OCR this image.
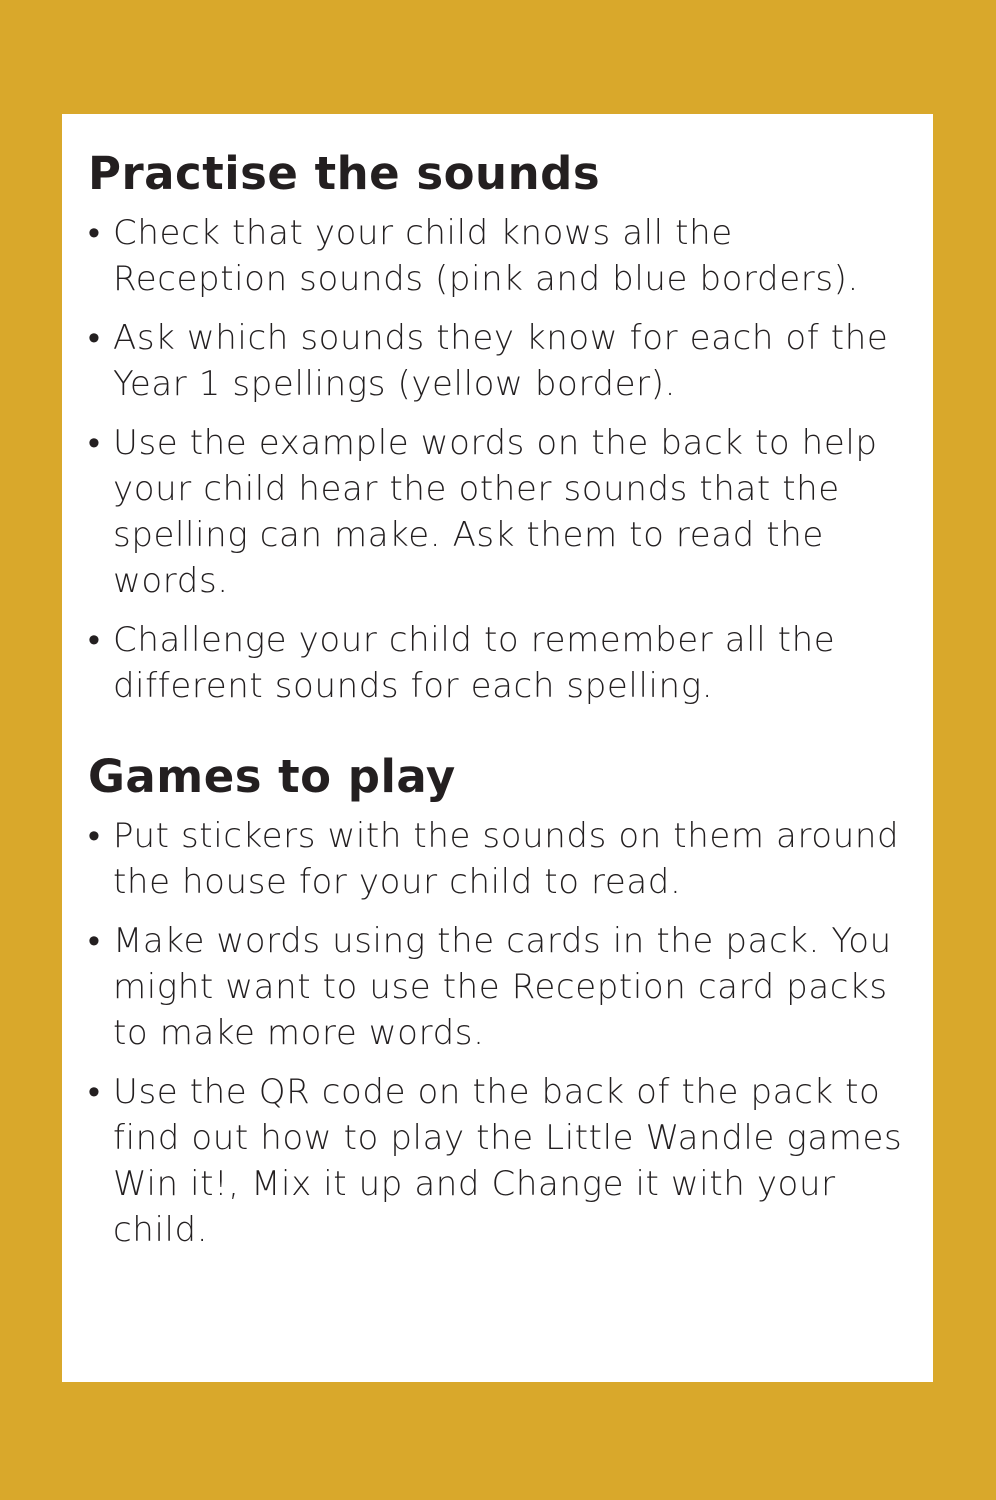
Practise the sounds
• Check that your child knows all the Reception sounds (pink and blue borders).
• Ask which sounds they know for each of the Year 1 spellings (yellow border).
• Use the example words on the back to help your child hear the other sounds that the spelling can make. Ask them to read the words.
• Challenge your child to remember all the different sounds for each spelling.
Games to play
• Put stickers with the sounds on them around the house for your child to read.
• Make words using the cards in the pack. You might want to use the Reception card packs to make more words.
• Use the QR code on the back of the pack to find out how to play the Little Wandle games Win it!, Mix it up and Change it with your child.
